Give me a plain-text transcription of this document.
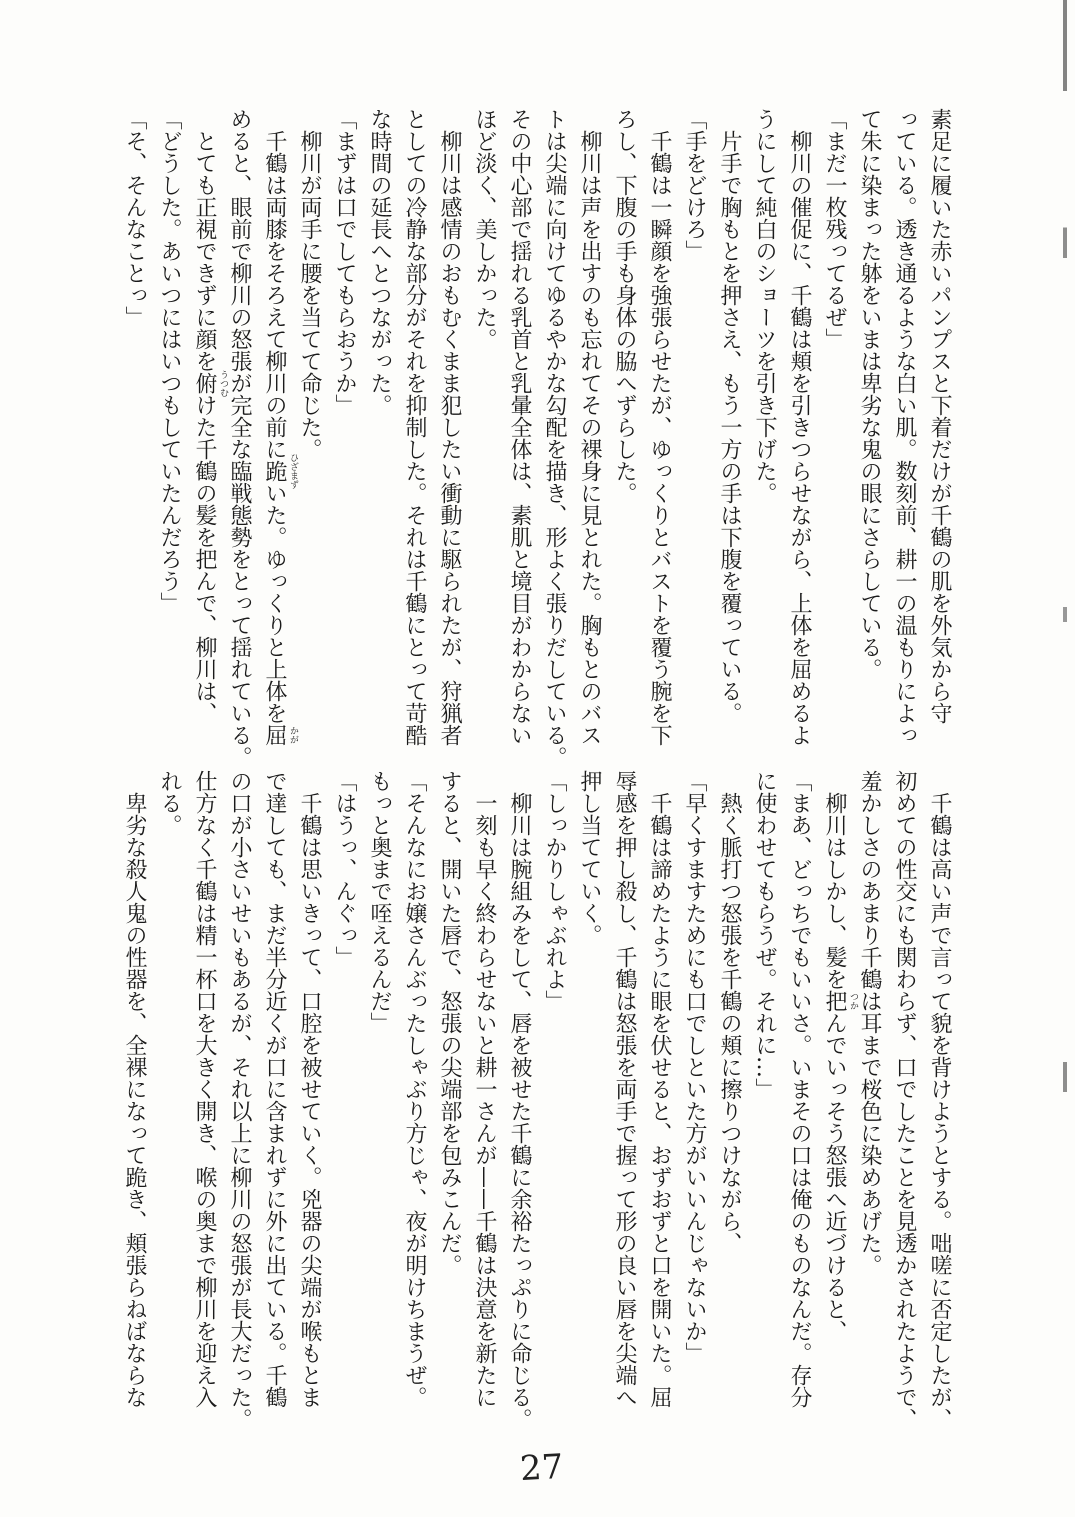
素足に履いた赤いパンプスと下着だけが千鶴の肌を外気から守
っている。透き通るような白い肌。数刻前、耕一の温もりによっ
て朱に染まった躰をいまは卑劣な鬼の眼にさらしている。
「まだ一枚残ってるぜ」
　柳川の催促に、千鶴は頬を引きつらせながら、上体を屈めるよ
うにして純白のショーツを引き下げた。
　片手で胸もとを押さえ、もう一方の手は下腹を覆っている。
「手をどけろ」
　千鶴は一瞬顔を強張らせたが、ゆっくりとバストを覆う腕を下
ろし、下腹の手も身体の脇へずらした。
　柳川は声を出すのも忘れてその裸身に見とれた。胸もとのバス
トは尖端に向けてゆるやかな勾配を描き、形よく張りだしている。
その中心部で揺れる乳首と乳暈全体は、素肌と境目がわからない
ほど淡く、美しかった。
　柳川は感情のおもむくまま犯したい衝動に駆られたが、狩猟者
としての冷静な部分がそれを抑制した。それは千鶴にとって苛酷
な時間の延長へとつながった。
「まずは口でしてもらおうか」
　柳川が両手に腰を当てて命じた。
　千鶴は両膝をそろえて柳川の前に跪いた。ゆっくりと上体を屈
めると、眼前で柳川の怒張が完全な臨戦態勢をとって揺れている。
　とても正視できずに顔を俯けた千鶴の髪を把んで、柳川は、
「どうした。あいつにはいつもしていたんだろう」
「そ、そんなことっ」
　千鶴は高い声で言って貌を背けようとする。咄嗟に否定したが、
初めての性交にも関わらず、口でしたことを見透かされたようで、
羞かしさのあまり千鶴は耳まで桜色に染めあげた。
　柳川はしかし、髪を把んでいっそう怒張へ近づけると、
「まあ、どっちでもいいさ。いまその口は俺のものなんだ。存分
に使わせてもらうぜ。それに…」
　熱く脈打つ怒張を千鶴の頬に擦りつけながら、
「早くすますためにも口でしといた方がいいんじゃないか」
　千鶴は諦めたように眼を伏せると、おずおずと口を開いた。屈
辱感を押し殺し、千鶴は怒張を両手で握って形の良い唇を尖端へ
押し当てていく。
「しっかりしゃぶれよ」
　柳川は腕組みをして、唇を被せた千鶴に余裕たっぷりに命じる。
　一刻も早く終わらせないと耕一さんが——千鶴は決意を新たに
すると、開いた唇で、怒張の尖端部を包みこんだ。
「そんなにお嬢さんぶったしゃぶり方じゃ、夜が明けちまうぜ。
もっと奥まで咥えるんだ」
「はうっ、んぐっ」
　千鶴は思いきって、口腔を被せていく。兇器の尖端が喉もとま
で達しても、まだ半分近くが口に含まれずに外に出ている。千鶴
の口が小さいせいもあるが、それ以上に柳川の怒張が長大だった。
仕方なく千鶴は精一杯口を大きく開き、喉の奥まで柳川を迎え入
れる。
　卑劣な殺人鬼の性器を、全裸になって跪き、頬張らねばならな
ひざまず
かが
うつむ
つか
27
